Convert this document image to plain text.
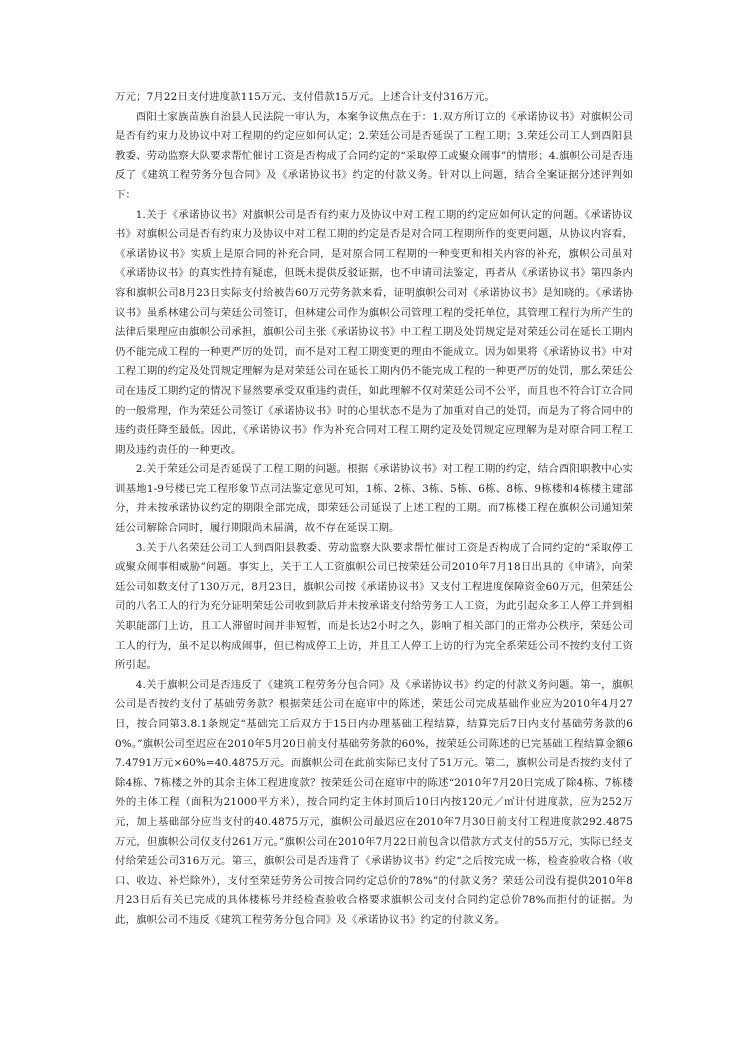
万元；7月22日支付进度款115万元、支付借款15万元。上述合计支付316万元。

酉阳土家族苗族自治县人民法院一审认为，本案争议焦点在于：1.双方所订立的《承诺协议书》对旗帜公司是否有约束力及协议中对工程期的约定应如何认定；2.荣廷公司是否延误了工程工期；3.荣廷公司工人到酉阳县教委、劳动监察大队要求帮忙催讨工资是否构成了合同约定的“采取停工或聚众闹事”的情形；4.旗帜公司是否违反了《建筑工程劳务分包合同》及《承诺协议书》约定的付款义务。针对以上问题，结合全案证据分述评判如下：

1.关于《承诺协议书》对旗帜公司是否有约束力及协议中对工程工期的约定应如何认定的问题。《承诺协议书》对旗帜公司是否有约束力及协议中对工程工期的约定是否是对合同工程期所作的变更问题，从协议内容看，《承诺协议书》实质上是原合同的补充合同，是对原合同工程期的一种变更和相关内容的补充，旗帜公司虽对《承诺协议书》的真实性持有疑虑，但既未提供反驳证据，也不申请司法鉴定，再者从《承诺协议书》第四条内容和旗帜公司8月23日实际支付给被告60万元劳务款来看，证明旗帜公司对《承诺协议书》是知晓的。《承诺协议书》虽系林建公司与荣廷公司签订，但林建公司作为旗帜公司管理工程的受托单位，其管理工程行为所产生的法律后果理应由旗帜公司承担，旗帜公司主张《承诺协议书》中工程工期及处罚规定是对荣廷公司在延长工期内仍不能完成工程的一种更严厉的处罚，而不是对工程工期变更的理由不能成立。因为如果将《承诺协议书》中对工程工期的约定及处罚规定理解为是对荣廷公司在延长工期内仍不能完成工程的一种更严厉的处罚，那么荣廷公司在违反工期约定的情况下显然要承受双重违约责任，如此理解不仅对荣廷公司不公平，而且也不符合订立合同的一般常理，作为荣廷公司签订《承诺协议书》时的心里状态不是为了加重对自己的处罚，而是为了将合同中的违约责任降至最低。因此，《承诺协议书》作为补充合同对工程工期约定及处罚规定应理解为是对原合同工程工期及违约责任的一种更改。

2.关于荣廷公司是否延误了工程工期的问题。根据《承诺协议书》对工程工期的约定，结合酉阳职教中心实训基地1-9号楼已完工程形象节点司法鉴定意见可知，1栋、2栋、3栋、5栋、6栋、8栋、9栋楼和4栋楼主建部分，并未按承诺协议约定的期限全部完成，即荣廷公司延误了上述工程的工期。而7栋楼工程在旗帜公司通知荣廷公司解除合同时，履行期限尚未届满，故不存在延误工期。

3.关于八名荣廷公司工人到酉阳县教委、劳动监察大队要求帮忙催讨工资是否构成了合同约定的“采取停工或聚众闹事相威胁”问题。事实上，关于工人工资旗帜公司已按荣廷公司2010年7月18日出具的《申请》，向荣廷公司如数支付了130万元，8月23日，旗帜公司按《承诺协议书》又支付工程进度保障资金60万元，但荣廷公司的八名工人的行为充分证明荣廷公司收到款后并未按承诺支付给劳务工人工资，为此引起众多工人停工并到相关职能部门上访，且工人滞留时间并非短暂，而是长达2小时之久，影响了相关部门的正常办公秩序，荣廷公司工人的行为，虽不足以构成闹事，但已构成停工上访，并且工人停工上访的行为完全系荣廷公司不按约支付工资所引起。

4.关于旗帜公司是否违反了《建筑工程劳务分包合同》及《承诺协议书》约定的付款义务问题。第一，旗帜公司是否按约支付了基础劳务款？根据荣廷公司在庭审中的陈述，荣廷公司完成基础作业应为2010年4月27日，按合同第3.8.1条规定“基础完工后双方于15日内办理基础工程结算，结算完后7日内支付基础劳务款的60%。”旗帜公司至迟应在2010年5月20日前支付基础劳务款的60%，按荣廷公司陈述的已完基础工程结算金额67.4791万元×60%=40.4875万元。而旗帜公司在此前实际已支付了51万元。第二，旗帜公司是否按约支付了除4栋、7栋楼之外的其余主体工程进度款？按荣廷公司在庭审中的陈述“2010年7月20日完成了除4栋、7栋楼外的主体工程（面积为21000平方米），按合同约定主体封顶后10日内按120元／㎡计付进度款，应为252万元，加上基础部分应当支付的40.4875万元，旗帜公司最迟应在2010年7月30日前支付工程进度款292.4875万元，但旗帜公司仅支付261万元。”旗帜公司在2010年7月22日前包含以借款方式支付的55万元，实际已经支付给荣廷公司316万元。第三，旗帜公司是否违背了《承诺协议书》约定“之后按完成一栋，检查验收合格（收口、收边、补烂除外），支付至荣廷劳务公司按合同约定总价的78%”的付款义务？荣廷公司没有提供2010年8月23日后有关已完成的具体楼栋号并经检查验收合格要求旗帜公司支付合同约定总价78%而拒付的证据。为此，旗帜公司不违反《建筑工程劳务分包合同》及《承诺协议书》约定的付款义务。
